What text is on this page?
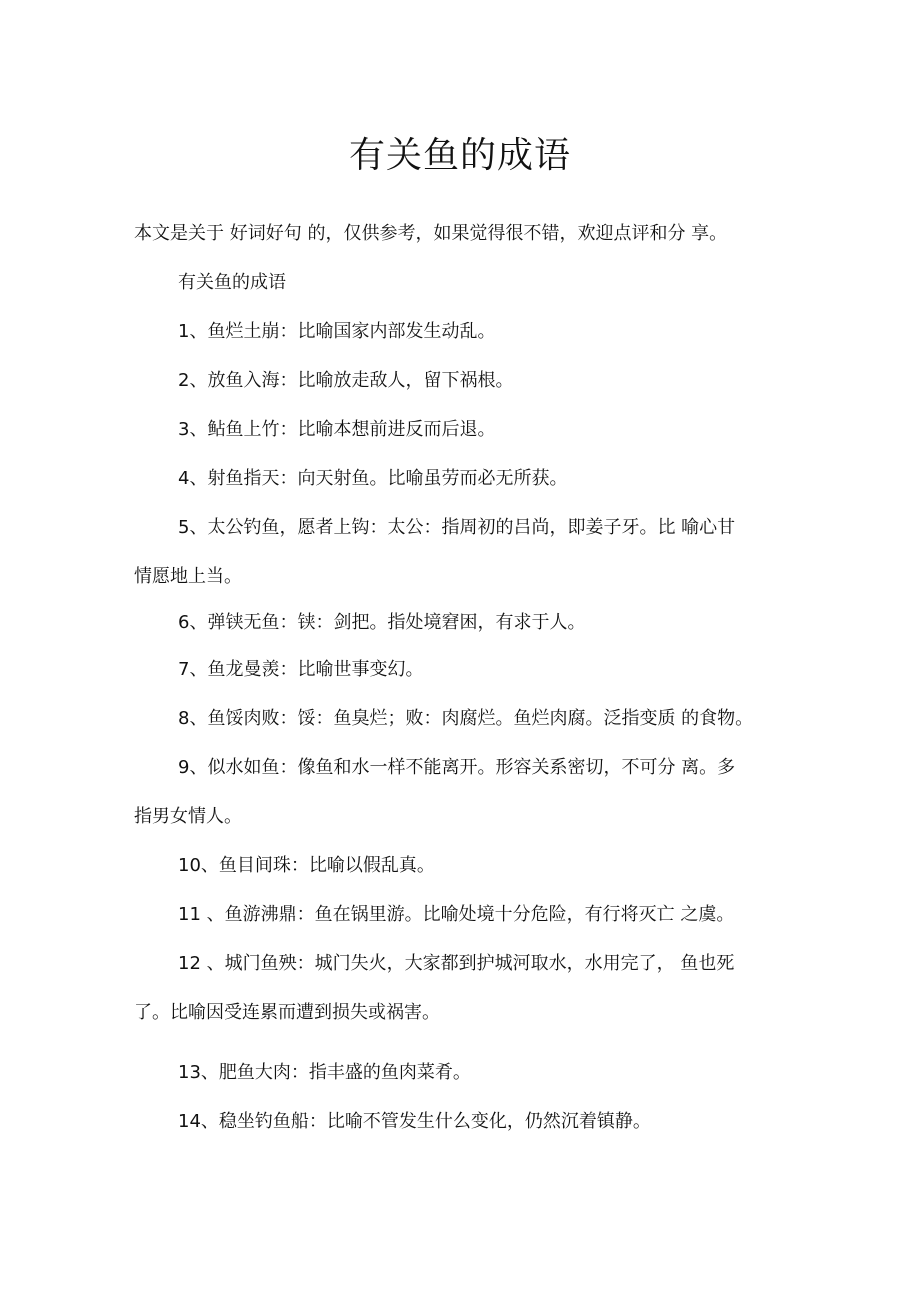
有关鱼的成语
本文是关于 好词好句 的，仅供参考，如果觉得很不错，欢迎点评和分 享。
有关鱼的成语
1、鱼烂土崩：比喻国家内部发生动乱。
2、放鱼入海：比喻放走敌人，留下祸根。
3、鲇鱼上竹：比喻本想前进反而后退。
4、射鱼指天：向天射鱼。比喻虽劳而必无所获。
5、太公钓鱼，愿者上钩：太公：指周初的吕尚，即姜子牙。比 喻心甘
情愿地上当。
6、弹铗无鱼：铗：剑把。指处境窘困，有求于人。
7、鱼龙曼羡：比喻世事变幻。
8、鱼馁肉败：馁：鱼臭烂；败：肉腐烂。鱼烂肉腐。泛指变质 的食物。
9、似水如鱼：像鱼和水一样不能离开。形容关系密切，不可分 离。多
指男女情人。
10、鱼目间珠：比喻以假乱真。
11 、鱼游沸鼎：鱼在锅里游。比喻处境十分危险，有行将灭亡 之虞。
12 、城门鱼殃：城门失火，大家都到护城河取水，水用完了， 鱼也死
了。比喻因受连累而遭到损失或祸害。
13、肥鱼大肉：指丰盛的鱼肉菜肴。
14、稳坐钓鱼船：比喻不管发生什么变化，仍然沉着镇静。
